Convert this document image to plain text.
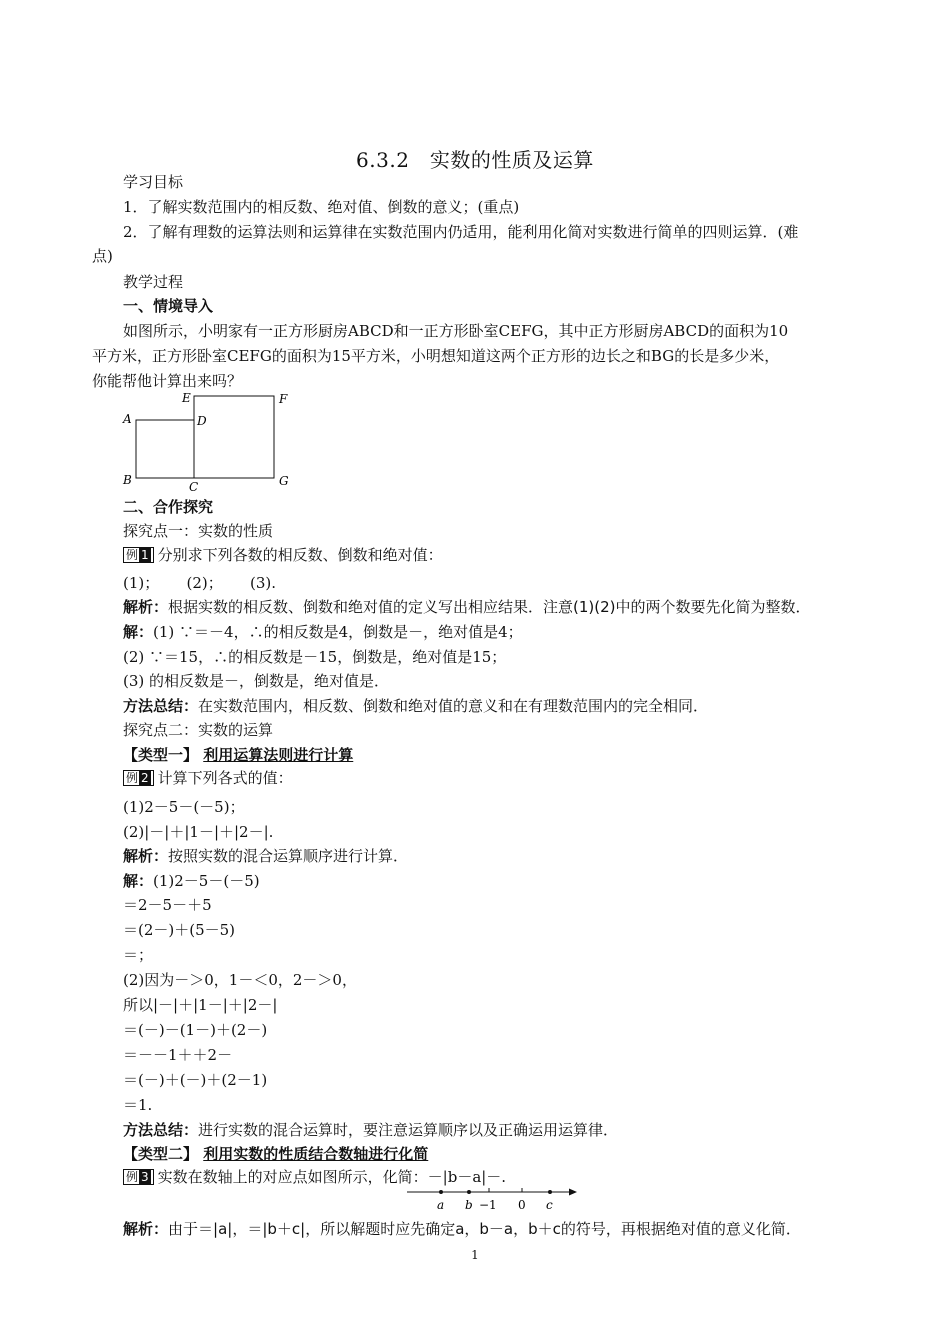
6.3.2　实数的性质及运算
学习目标
1．了解实数范围内的相反数、绝对值、倒数的意义；(重点)
2．了解有理数的运算法则和运算律在实数范围内仍适用，能利用化简对实数进行简单的四则运算．(难
点)
教学过程
一、情境导入
如图所示，小明家有一正方形厨房ABCD和一正方形卧室CEFG，其中正方形厨房ABCD的面积为10
平方米，正方形卧室CEFG的面积为15平方米，小明想知道这两个正方形的边长之和BG的长是多少米，
你能帮他计算出来吗？
A
B	C
D
E	F
G
二、合作探究
探究点一：实数的性质
例 1 分别求下列各数的相反数、倒数和绝对值：
(1)；　　 (2)；　　 (3).
解析：根据实数的相反数、倒数和绝对值的定义写出相应结果．注意(1)(2)中的两个数要先化简为整数．
解：(1) ∵＝－4，∴的相反数是4，倒数是－，绝对值是4；
(2) ∵＝15，∴的相反数是－15，倒数是，绝对值是15；
(3) 的相反数是－，倒数是，绝对值是．
方法总结：在实数范围内，相反数、倒数和绝对值的意义和在有理数范围内的完全相同．
探究点二：实数的运算
【类型一】 利用运算法则进行计算
例 2 计算下列各式的值：
(1)2－5－(－5)；
(2)|－|＋|1－|＋|2－|.
解析：按照实数的混合运算顺序进行计算．
解：(1)2－5－(－5)
＝2－5－＋5
＝(2－)＋(5－5)
＝；
(2)因为－＞0，1－＜0，2－＞0，
所以|－|＋|1－|＋|2－|
＝(－)－(1－)＋(2－)
＝－－1＋＋2－
＝(－)＋(－)＋(2－1)
＝1.
方法总结：进行实数的混合运算时，要注意运算顺序以及正确运用运算律．
【类型二】 利用实数的性质结合数轴进行化简
例 3 实数在数轴上的对应点如图所示，化简：－|b－a|－.
a b −1 0 c
解析：由于＝|a|，＝|b＋c|，所以解题时应先确定a，b－a，b＋c的符号，再根据绝对值的意义化简．
1
